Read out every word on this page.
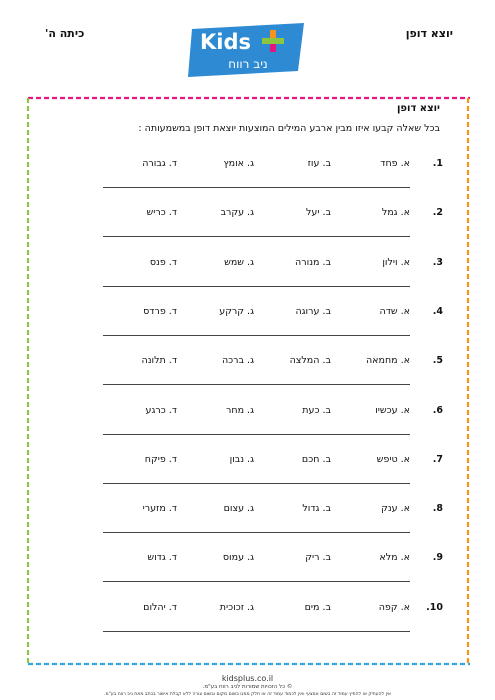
יוצא דופן
כיתה ה'	Kids
ניב רווח
יוצא דופן
בכל שאלה קבעו איזו מבין ארבע המילים המוצעות יוצאת דופן במשמעותה :
1.
א. פחד
ב. עוז
ג. אומץ
ד. גבורה
2.
א. גמל
ב. יעל
ג. עקרב
ד. כריש
3.
א. וילון
ב. מנורה
ג. שמש
ד. פנס
4.
א. שדה
ב. ערוגה
ג. קרקע
ד. פרדס
5.
א. מחמאה
ב. המלצה
ג. ברכה
ד. תלונה
6.
א. עכשיו
ב. כעת
ג. מחר
ד. כרגע
7.
א. טיפש
ב. חכם
ג. נבון
ד. פיקח
8.
א. ענק
ב. גדול
ג. עצום
ד. מזערי
9.
א. מלא
ב. ריק
ג. עמוס
ד. גדוש
10.
א. קפה
ב. מים
ג. זכוכית
ד. יהלום
kidsplus.co.il
© כל הזכויות שמורות לניב רווח בע"מ.
אין להעתיק או להפיץ עמוד זה בשום אמצעי ואין לכמוד עמוד זה או חלק ממנו בשום מקום ובשום צורה ללא קבלת אישור בכתב מאת ניב רווח בע"מ.
